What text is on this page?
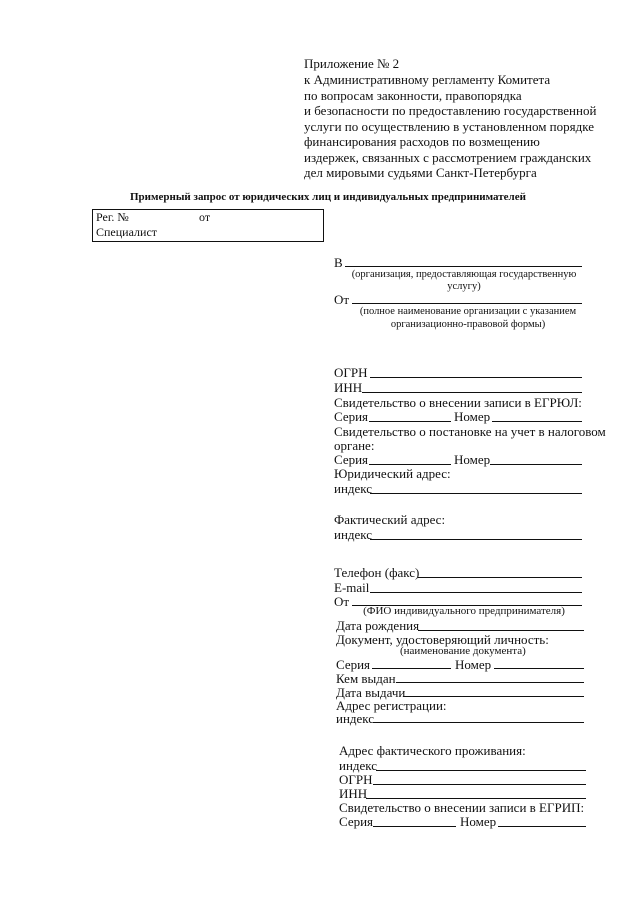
Приложение № 2
к Административному регламенту Комитета
по вопросам законности, правопорядка
и безопасности по предоставлению государственной
услуги по осуществлению в установленном порядке
финансирования расходов по возмещению
издержек, связанных с рассмотрением гражданских
дел мировыми судьями Санкт-Петербурга
Примерный запрос от юридических лиц и индивидуальных предпринимателей
Рег. №	от
Специалист
В
(организация, предоставляющая государственную
услугу)
От
(полное наименование организации с указанием
организационно-правовой формы)
ОГРН
ИНН
Свидетельство о внесении записи в ЕГРЮЛ:
Серия	Номер
Свидетельство о постановке на учет в налоговом
органе:
Серия	Номер
Юридический адрес:
индекс
Фактический адрес:
индекс
Телефон (факс)
E-mail
От
(ФИО индивидуального предпринимателя)
Дата рождения
Документ, удостоверяющий личность:
(наименование документа)
Серия	Номер
Кем выдан
Дата выдачи
Адрес регистрации:
индекс
Адрес фактического проживания:
индекс
ОГРН
ИНН
Свидетельство о внесении записи в ЕГРИП:
Серия	Номер
